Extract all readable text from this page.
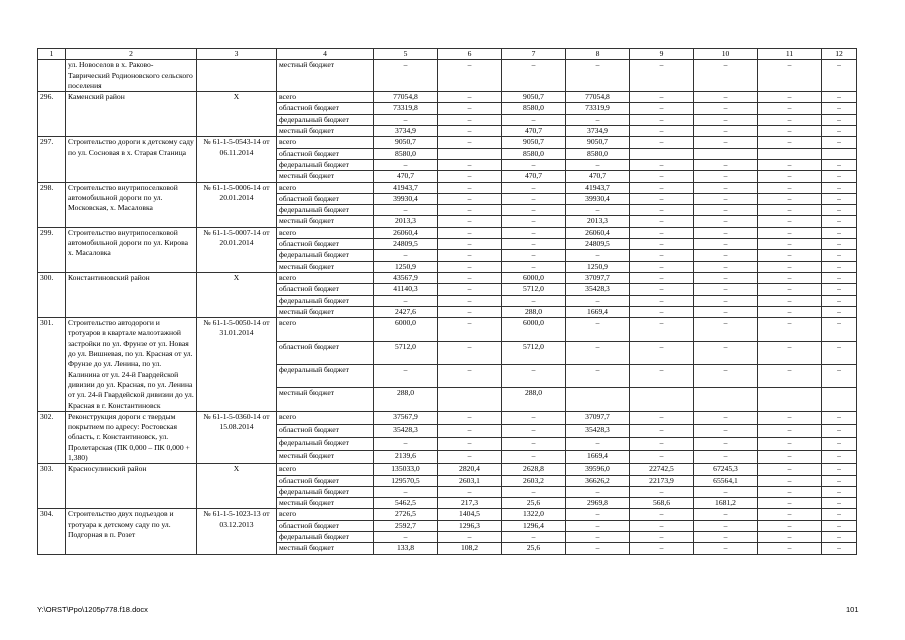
1	2	3	4	5	6	7	8	9	10	11	12
	ул. Новоселов в х. Раково-Таврический Родионовского сельского поселения		местный бюджет	–	–	–	–	–	–	–	–
296.	Каменский район	Х	всего	77054,8	–	9050,7	77054,8	–	–	–	–
			областной бюджет	73319,8	–	8580,0	73319,9	–	–	–	–
			федеральный бюджет	–	–	–	–	–	–	–	–
			местный бюджет	3734,9	–	470,7	3734,9	–	–	–	–
297.	Строительство дороги к детскому саду по ул. Сосновая в х. Старая Станица	№ 61-1-5-0543-14 от 06.11.2014	всего	9050,7	–	9050,7	9050,7	–	–	–	–
			областной бюджет	8580,0		8580,0	8580,0				
			федеральный бюджет	–	–	–	–	–	–	–	–
			местный бюджет	470,7	–	470,7	470,7	–	–	–	–
298.	Строительство внутрипоселковой автомобильной дороги по ул. Московская, х. Масаловка	№ 61-1-5-0006-14 от 20.01.2014	всего	41943,7	–	–	41943,7	–	–	–	–
			областной бюджет	39930,4	–	–	39930,4	–	–	–	–
			федеральный бюджет	–	–	–	–	–	–	–	–
			местный бюджет	2013,3	–	–	2013,3	–	–	–	–
299.	Строительство внутрипоселковой автомобильной дороги по ул. Кирова х. Масаловка	№ 61-1-5-0007-14 от 20.01.2014	всего	26060,4	–	–	26060,4	–	–	–	–
			областной бюджет	24809,5	–	–	24809,5	–	–	–	–
			федеральный бюджет	–	–	–	–	–	–	–	–
			местный бюджет	1250,9	–	–	1250,9	–	–	–	–
300.	Константиновский район	Х	всего	43567,9	–	6000,0	37097,7	–	–	–	–
			областной бюджет	41140,3	–	5712,0	35428,3	–	–	–	–
			федеральный бюджет	–	–	–	–	–	–	–	–
			местный бюджет	2427,6	–	288,0	1669,4	–	–	–	–
301.	Строительство автодороги и тротуаров в квартале малоэтажной застройки по ул. Фрунзе от ул. Новая до ул. Вишневая, по ул. Красная от ул. Фрунзе до ул. Ленина, по ул. Калинина от ул. 24-й Гвардейской дивизии до ул. Красная, по ул. Ленина от ул. 24-й Гвардейской дивизии до ул. Красная в г. Константиновск	№ 61-1-5-0050-14 от 31.01.2014	всего	6000,0	–	6000,0	–	–	–	–	–
			областной бюджет	5712,0	–	5712,0	–	–	–	–	–
			федеральный бюджет	–	–	–	–	–	–	–	–
			местный бюджет	288,0		288,0					
302.	Реконструкция дороги с твердым покрытием по адресу: Ростовская область, г. Константиновск, ул. Пролетарская (ПК 0,000 – ПК 0,000 + 1,380)	№ 61-1-5-0360-14 от 15.08.2014	всего	37567,9	–	–	37097,7	–	–	–	–
			областной бюджет	35428,3	–	–	35428,3	–	–	–	–
			федеральный бюджет	–	–	–	–	–	–	–	–
			местный бюджет	2139,6	–	–	1669,4	–	–	–	–
303.	Красносулинский район	Х	всего	135033,0	2820,4	2628,8	39596,0	22742,5	67245,3	–	–
			областной бюджет	129570,5	2603,1	2603,2	36626,2	22173,9	65564,1	–	–
			федеральный бюджет	–	–	–	–	–	–	–	–
			местный бюджет	5462,5	217,3	25,6	2969,8	568,6	1681,2	–	–
304.	Строительство двух подъездов и тротуара к детскому саду по ул. Подгорная в п. Розет	№ 61-1-5-1023-13 от 03.12.2013	всего	2726,5	1404,5	1322,0	–	–	–	–	–
			областной бюджет	2592,7	1296,3	1296,4	–	–	–	–	–
			федеральный бюджет	–	–	–	–	–	–	–	–
			местный бюджет	133,8	108,2	25,6	–	–	–	–	–
Y:\ORST\Ppo\1205p778.f18.docx	101
